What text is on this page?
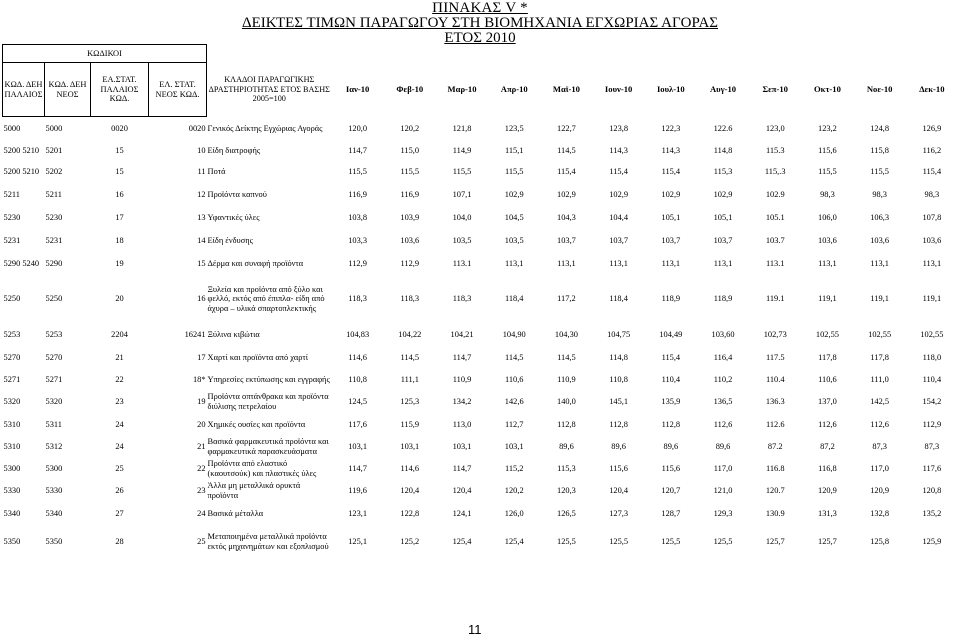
ΠΙΝΑΚΑΣ V *
ΔΕΙΚΤΕΣ ΤΙΜΩΝ ΠΑΡΑΓΩΓΟΥ ΣΤΗ ΒΙΟΜΗΧΑΝΙΑ ΕΓΧΩΡΙΑΣ ΑΓΟΡΑΣ
ΕΤΟΣ 2010
ΚΩΔΙΚΟΙ																
ΚΩΔ. ΔΕΗ ΠΑΛΑΙΟΣ	ΚΩΔ. ΔΕΗ ΝΕΟΣ	ΕΑ.ΣΤΑΤ. ΠΑΛΑΙΟΣ ΚΩΔ.	ΕΛ. ΣΤΑΤ. ΝΕΟΣ ΚΩΔ.	ΚΛΑΔΟΙ ΠΑΡΑΓΩΓΙΚΗΣ ΔΡΑΣΤΗΡΙΟΤΗΤΑΣ ΕΤΟΣ ΒΑΣΗΣ 2005=100	Ιαν-10	Φεβ-10	Μαρ-10	Απρ-10	Μαϊ-10	Ιουν-10	Ιουλ-10	Αυγ-10	Σεπ-10	Οκτ-10	Νοε-10	Δεκ-10
5000	5000	0020	0020	Γενικός Δείκτης Εγχώριας Αγοράς	120,0	120,2	121,8	123,5	122,7	123,8	122,3	122.6	123,0	123,2	124,8	126,9
5200 5210	5201	15	10	Είδη διατροφής	114,7	115,0	114,9	115,1	114,5	114,3	114,3	114,8	115.3	115,6	115,8	116,2
5200 5210	5202	15	11	Ποτά	115,5	115,5	115,5	115,5	115,4	115,4	115,4	115,3	115,.3	115,5	115,5	115,4
5211	5211	16	12	Προϊόντα καπνού	116,9	116,9	107,1	102,9	102,9	102,9	102,9	102,9	102.9	98,3	98,3	98,3
5230	5230	17	13	Υφαντικές ύλες	103,8	103,9	104,0	104,5	104,3	104,4	105,1	105,1	105.1	106,0	106,3	107,8
5231	5231	18	14	Είδη ένδυσης	103,3	103,6	103,5	103,5	103,7	103,7	103,7	103,7	103.7	103,6	103,6	103,6
5290 5240	5290	19	15	Δέρμα και συναφή προϊόντα	112,9	112,9	113.1	113,1	113,1	113,1	113,1	113,1	113.1	113,1	113,1	113,1
5250	5250	20	16	Ξυλεία και προϊόντα από ξύλο και φελλό, εκτός από έπιπλα- είδη από άχυρα – υλικά σπαρτοπλεκτικής	118,3	118,3	118,3	118,4	117,2	118,4	118,9	118,9	119.1	119,1	119,1	119,1
5253	5253	2204	16241	Ξύλινα κιβώτια	104,83	104,22	104,21	104,90	104,30	104,75	104,49	103,60	102,73	102,55	102,55	102,55
5270	5270	21	17	Χαρτί και προϊόντα από χαρτί	114,6	114,5	114,7	114,5	114,5	114,8	115,4	116,4	117.5	117,8	117,8	118,0
5271	5271	22	18*	Υπηρεσίες εκτύπωσης και εγγραφής	110,8	111,1	110,9	110,6	110,9	110,8	110,4	110,2	110.4	110,6	111,0	110,4
5320	5320	23	19	Προϊόντα οπτάνθρακα και προϊόντα διύλισης πετρελαίου	124,5	125,3	134,2	142,6	140,0	145,1	135,9	136,5	136.3	137,0	142,5	154,2
5310	5311	24	20	Χημικές ουσίες και προϊόντα	117,6	115,9	113,0	112,7	112,8	112,8	112,8	112,6	112.6	112,6	112,6	112,9
5310	5312	24	21	Βασικά φαρμακευτικά προϊόντα και φαρμακευτικά παρασκευάσματα	103,1	103,1	103,1	103,1	89,6	89,6	89,6	89,6	87.2	87,2	87,3	87,3
5300	5300	25	22	Προϊόντα από ελαστικό (καουτσούκ) και πλαστικές ύλες	114,7	114,6	114,7	115,2	115,3	115,6	115,6	117,0	116.8	116,8	117,0	117,6
5330	5330	26	23	Άλλα μη μεταλλικά ορυκτά προϊόντα	119,6	120,4	120,4	120,2	120,3	120,4	120,7	121,0	120.7	120,9	120,9	120,8
5340	5340	27	24	Βασικά μέταλλα	123,1	122,8	124,1	126,0	126,5	127,3	128,7	129,3	130.9	131,3	132,8	135,2
5350	5350	28	25	Μεταποιημένα μεταλλικά προϊόντα εκτός μηχανημάτων και εξοπλισμού	125,1	125,2	125,4	125,4	125,5	125,5	125,5	125,5	125,7	125,7	125,8	125,9
11
